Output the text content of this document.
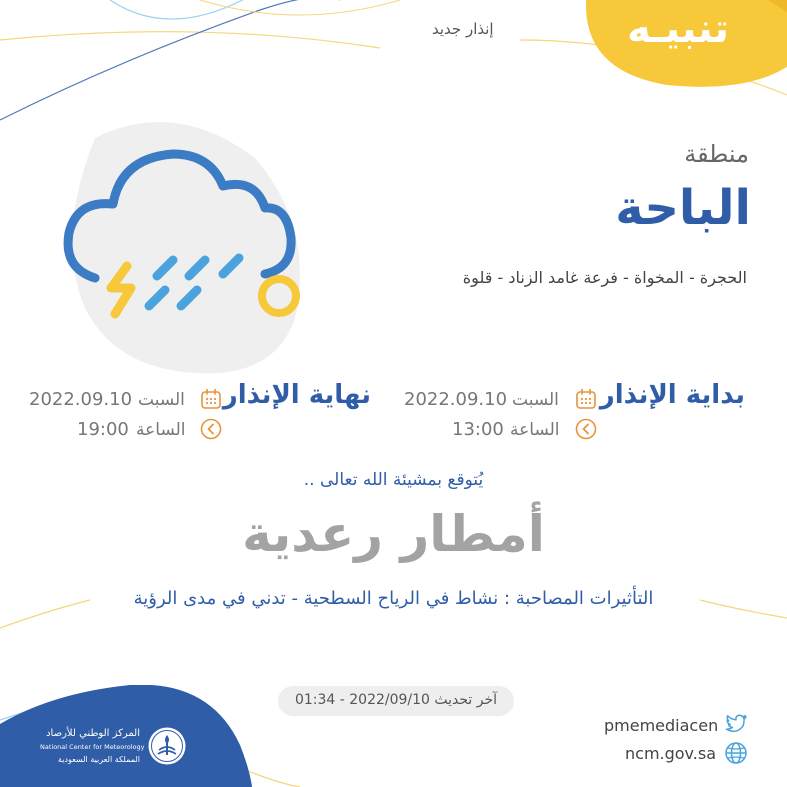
تنبيـه
إنذار جديد
منطقة
الباحة
الحجرة - المخواة - فرعة غامد الزناد - قلوة
بداية الإنذار
السبت
2022.09.10
الساعة
13:00
نهاية الإنذار
السبت
2022.09.10
الساعة
19:00
يُتوقع بمشيئة الله تعالى ..
أمطار رعدية
التأثيرات المصاحبة : نشاط في الرياح السطحية - تدني في مدى الرؤية
آخر تحديث 2022/09/10 - 01:34
المركز الوطني للأرصاد
National Center for Meteorology
المملكة العربية السعودية
pmemediacen
ncm.gov.sa
